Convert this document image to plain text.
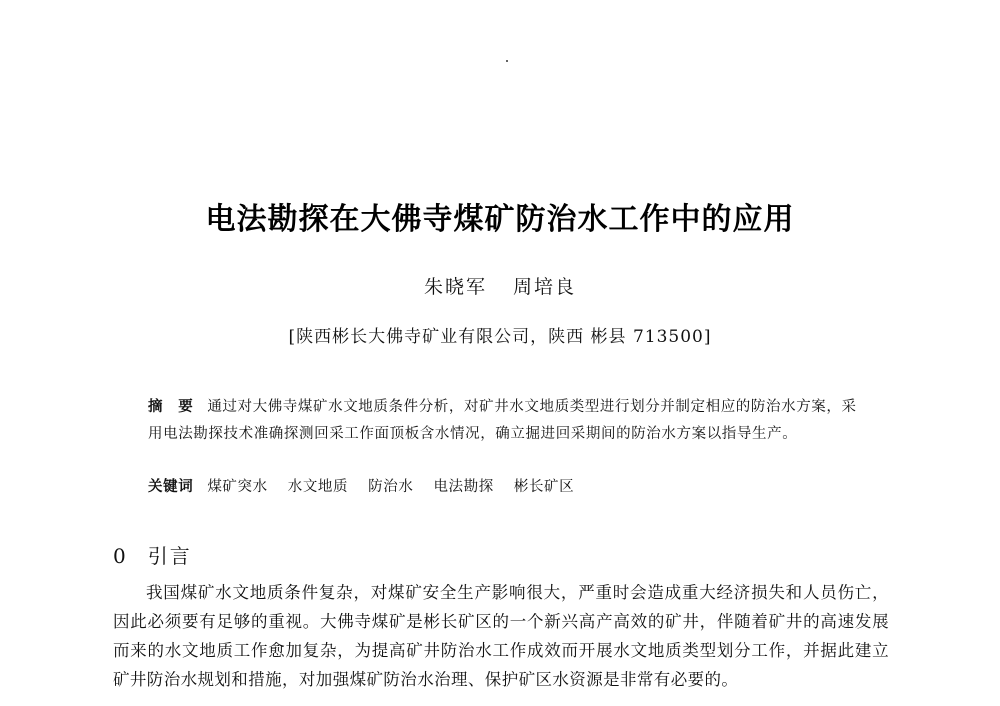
电法勘探在大佛寺煤矿防治水工作中的应用
朱晓军 周培良
[陕西彬长大佛寺矿业有限公司，陕西 彬县 713500]
摘　要 通过对大佛寺煤矿水文地质条件分析，对矿井水文地质类型进行划分并制定相应的防治水方案，采用电法勘探技术准确探测回采工作面顶板含水情况，确立掘进回采期间的防治水方案以指导生产。
关键词 煤矿突水 水文地质 防治水 电法勘探 彬长矿区
0 引言
我国煤矿水文地质条件复杂，对煤矿安全生产影响很大，严重时会造成重大经济损失和人员伤亡，因此必须要有足够的重视。大佛寺煤矿是彬长矿区的一个新兴高产高效的矿井，伴随着矿井的高速发展而来的水文地质工作愈加复杂，为提高矿井防治水工作成效而开展水文地质类型划分工作，并据此建立矿井防治水规划和措施，对加强煤矿防治水治理、保护矿区水资源是非常有必要的。
